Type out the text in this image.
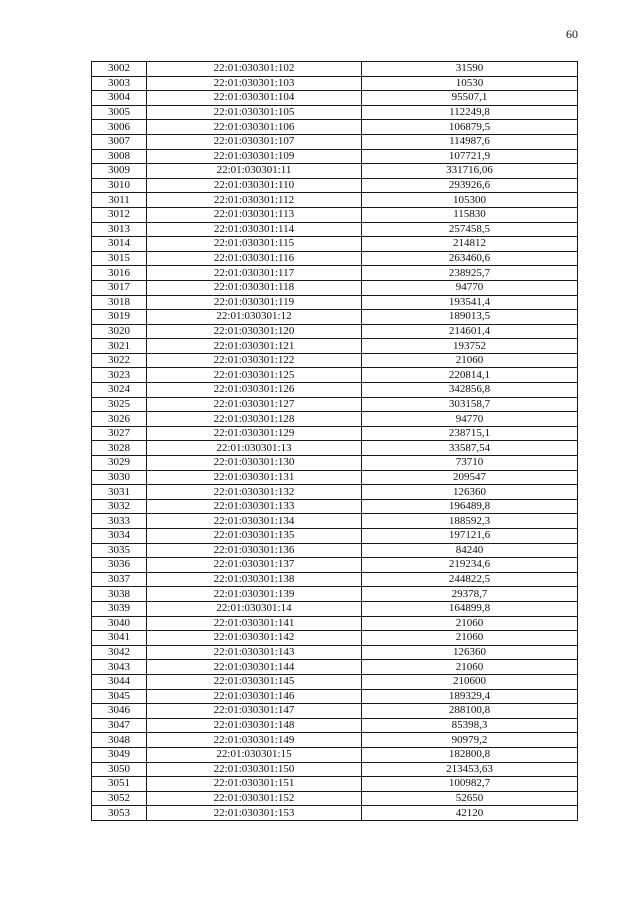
60
3002	22:01:030301:102	31590
3003	22:01:030301:103	10530
3004	22:01:030301:104	95507,1
3005	22:01:030301:105	112249,8
3006	22:01:030301:106	106879,5
3007	22:01:030301:107	114987,6
3008	22:01:030301:109	107721,9
3009	22:01:030301:11	331716,06
3010	22:01:030301:110	293926,6
3011	22:01:030301:112	105300
3012	22:01:030301:113	115830
3013	22:01:030301:114	257458,5
3014	22:01:030301:115	214812
3015	22:01:030301:116	263460,6
3016	22:01:030301:117	238925,7
3017	22:01:030301:118	94770
3018	22:01:030301:119	193541,4
3019	22:01:030301:12	189013,5
3020	22:01:030301:120	214601,4
3021	22:01:030301:121	193752
3022	22:01:030301:122	21060
3023	22:01:030301:125	220814,1
3024	22:01:030301:126	342856,8
3025	22:01:030301:127	303158,7
3026	22:01:030301:128	94770
3027	22:01:030301:129	238715,1
3028	22:01:030301:13	33587,54
3029	22:01:030301:130	73710
3030	22:01:030301:131	209547
3031	22:01:030301:132	126360
3032	22:01:030301:133	196489,8
3033	22:01:030301:134	188592,3
3034	22:01:030301:135	197121,6
3035	22:01:030301:136	84240
3036	22:01:030301:137	219234,6
3037	22:01:030301:138	244822,5
3038	22:01:030301:139	29378,7
3039	22:01:030301:14	164899,8
3040	22:01:030301:141	21060
3041	22:01:030301:142	21060
3042	22:01:030301:143	126360
3043	22:01:030301:144	21060
3044	22:01:030301:145	210600
3045	22:01:030301:146	189329,4
3046	22:01:030301:147	288100,8
3047	22:01:030301:148	85398,3
3048	22:01:030301:149	90979,2
3049	22:01:030301:15	182800,8
3050	22:01:030301:150	213453,63
3051	22:01:030301:151	100982,7
3052	22:01:030301:152	52650
3053	22:01:030301:153	42120
